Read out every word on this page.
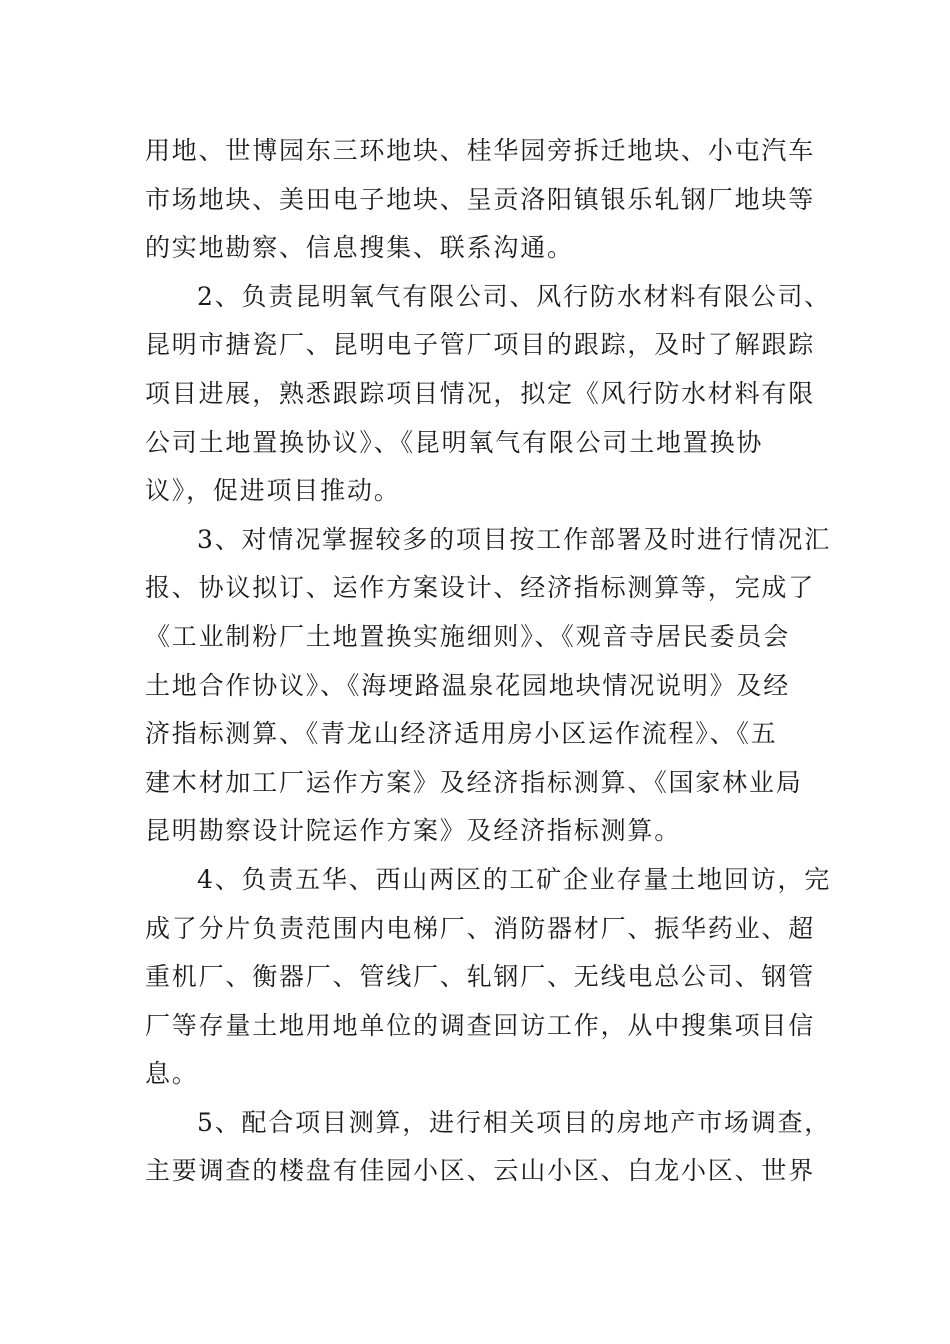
用地、世博园东三环地块、桂华园旁拆迁地块、小屯汽车
市场地块、美田电子地块、呈贡洛阳镇银乐轧钢厂地块等
的实地勘察、信息搜集、联系沟通。
2、负责昆明氧气有限公司、风行防水材料有限公司、
昆明市搪瓷厂、昆明电子管厂项目的跟踪，及时了解跟踪
项目进展，熟悉跟踪项目情况，拟定《风行防水材料有限
公司土地置换协议》、《昆明氧气有限公司土地置换协
议》，促进项目推动。
3、对情况掌握较多的项目按工作部署及时进行情况汇
报、协议拟订、运作方案设计、经济指标测算等，完成了
《工业制粉厂土地置换实施细则》、《观音寺居民委员会
土地合作协议》、《海埂路温泉花园地块情况说明》及经
济指标测算、《青龙山经济适用房小区运作流程》、《五
建木材加工厂运作方案》及经济指标测算、《国家林业局
昆明勘察设计院运作方案》及经济指标测算。
4、负责五华、西山两区的工矿企业存量土地回访，完
成了分片负责范围内电梯厂、消防器材厂、振华药业、超
重机厂、衡器厂、管线厂、轧钢厂、无线电总公司、钢管
厂等存量土地用地单位的调查回访工作，从中搜集项目信
息。
5、配合项目测算，进行相关项目的房地产市场调查，
主要调查的楼盘有佳园小区、云山小区、白龙小区、世界
